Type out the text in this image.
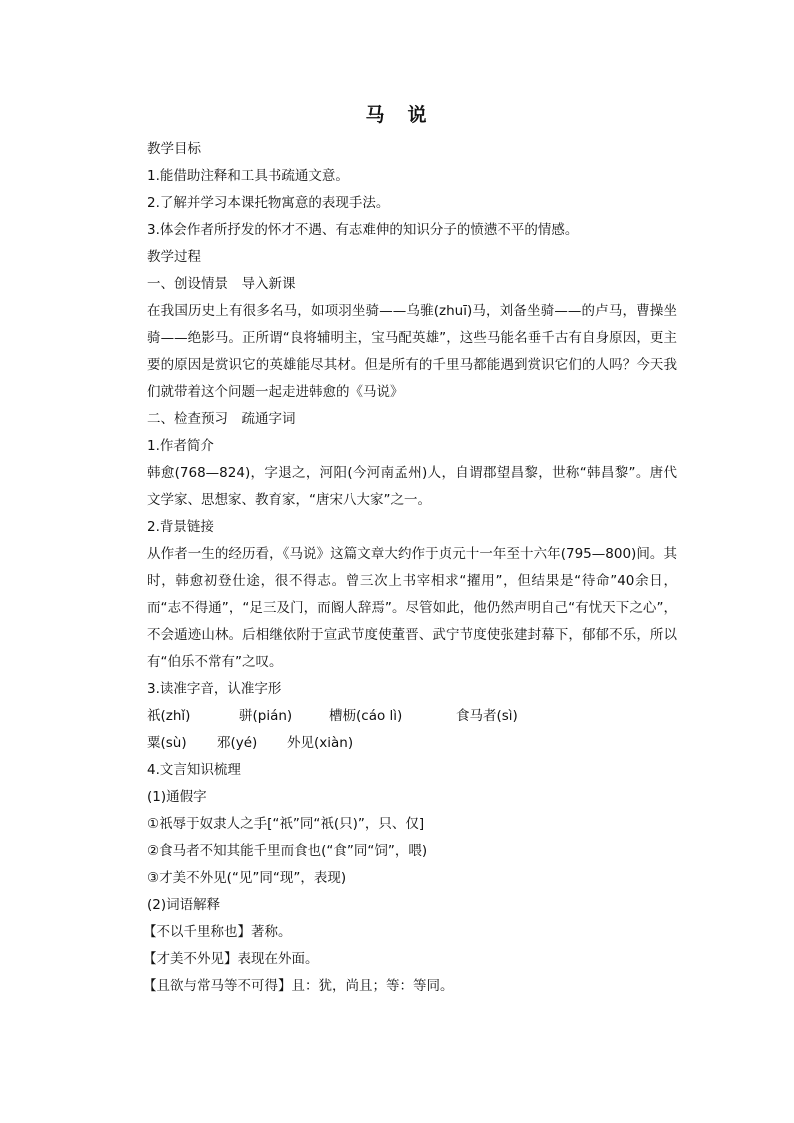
马　说
教学目标
1.能借助注释和工具书疏通文意。
2.了解并学习本课托物寓意的表现手法。
3.体会作者所抒发的怀才不遇、有志难伸的知识分子的愤懑不平的情感。
教学过程
一、创设情景　导入新课
在我国历史上有很多名马，如项羽坐骑——乌骓(zhuī)马，刘备坐骑——的卢马，曹操坐骑——绝影马。正所谓“良将辅明主，宝马配英雄”，这些马能名垂千古有自身原因，更主要的原因是赏识它的英雄能尽其材。但是所有的千里马都能遇到赏识它们的人吗？今天我们就带着这个问题一起走进韩愈的《马说》
二、检查预习　疏通字词
1.作者简介
韩愈(768—824)，字退之，河阳(今河南孟州)人，自谓郡望昌黎，世称“韩昌黎”。唐代文学家、思想家、教育家，“唐宋八大家”之一。
2.背景链接
从作者一生的经历看，《马说》这篇文章大约作于贞元十一年至十六年(795—800)间。其时，韩愈初登仕途，很不得志。曾三次上书宰相求“擢用”，但结果是“待命”40余日，而“志不得通”，“足三及门，而阍人辞焉”。尽管如此，他仍然声明自己“有忧天下之心”，不会遁迹山林。后相继依附于宣武节度使董晋、武宁节度使张建封幕下，郁郁不乐，所以有“伯乐不常有”之叹。
3.读准字音，认准字形
祇(zhǐ)	骈(pián)	槽枥(cáo lì)	食马者(sì)
粟(sù)	邪(yé)	外见(xiàn)
4.文言知识梳理
(1)通假字
①祇辱于奴隶人之手[“祇”同“祇(只)”，只、仅]
②食马者不知其能千里而食也(“食”同“饲”，喂)
③才美不外见(“见”同“现”，表现)
(2)词语解释
【不以千里称也】著称。
【才美不外见】表现在外面。
【且欲与常马等不可得】且：犹，尚且；等：等同。
